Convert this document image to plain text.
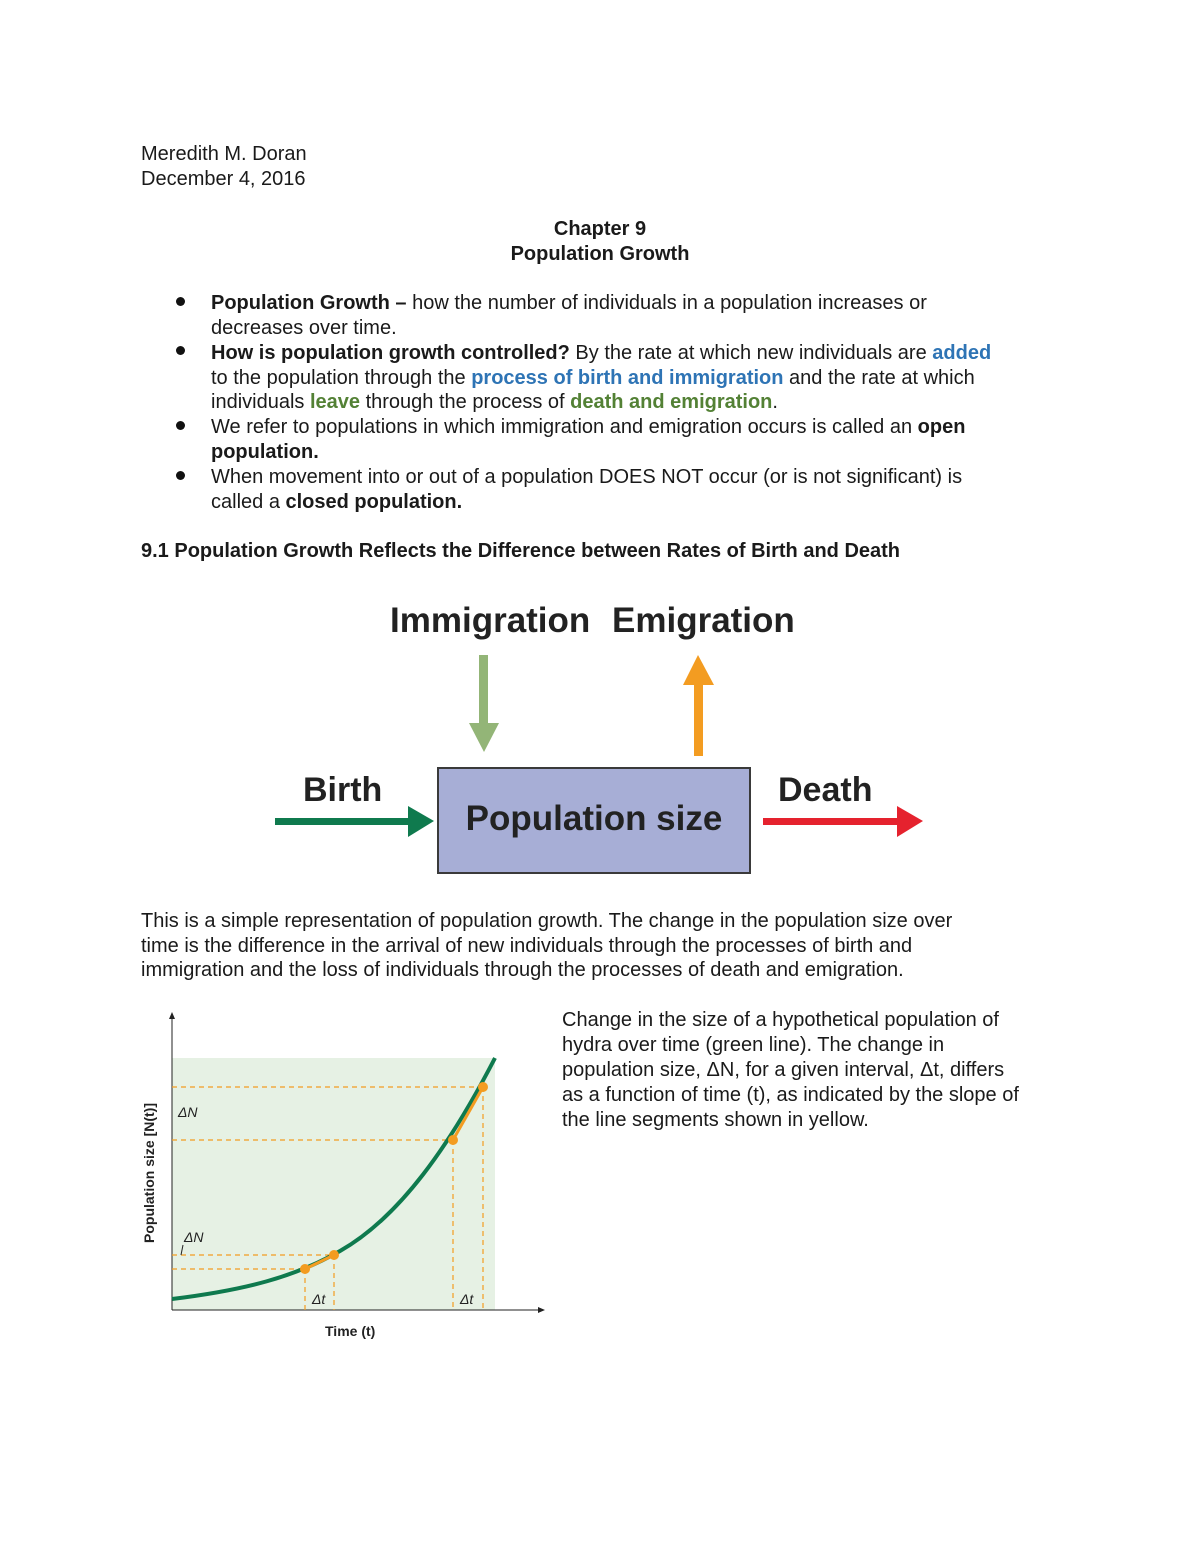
Meredith M. Doran
December 4, 2016
Chapter 9
Population Growth
Population Growth – how the number of individuals in a population increases or
decreases over time.
How is population growth controlled? By the rate at which new individuals are added
to the population through the process of birth and immigration and the rate at which
individuals leave through the process of death and emigration.
We refer to populations in which immigration and emigration occurs is called an open
population.
When movement into or out of a population DOES NOT occur (or is not significant) is
called a closed population.
9.1 Population Growth Reflects the Difference between Rates of Birth and Death
Immigration Emigration
Birth	Death
Population size
This is a simple representation of population growth. The change in the population size over
time is the difference in the arrival of new individuals through the processes of birth and
immigration and the loss of individuals through the processes of death and emigration.
ΔN
ΔN
Δt	Δt
Time (t)
Population size [N(t)]
Change in the size of a hypothetical population of
hydra over time (green line). The change in
population size, ΔN, for a given interval, Δt, differs
as a function of time (t), as indicated by the slope of
the line segments shown in yellow.
